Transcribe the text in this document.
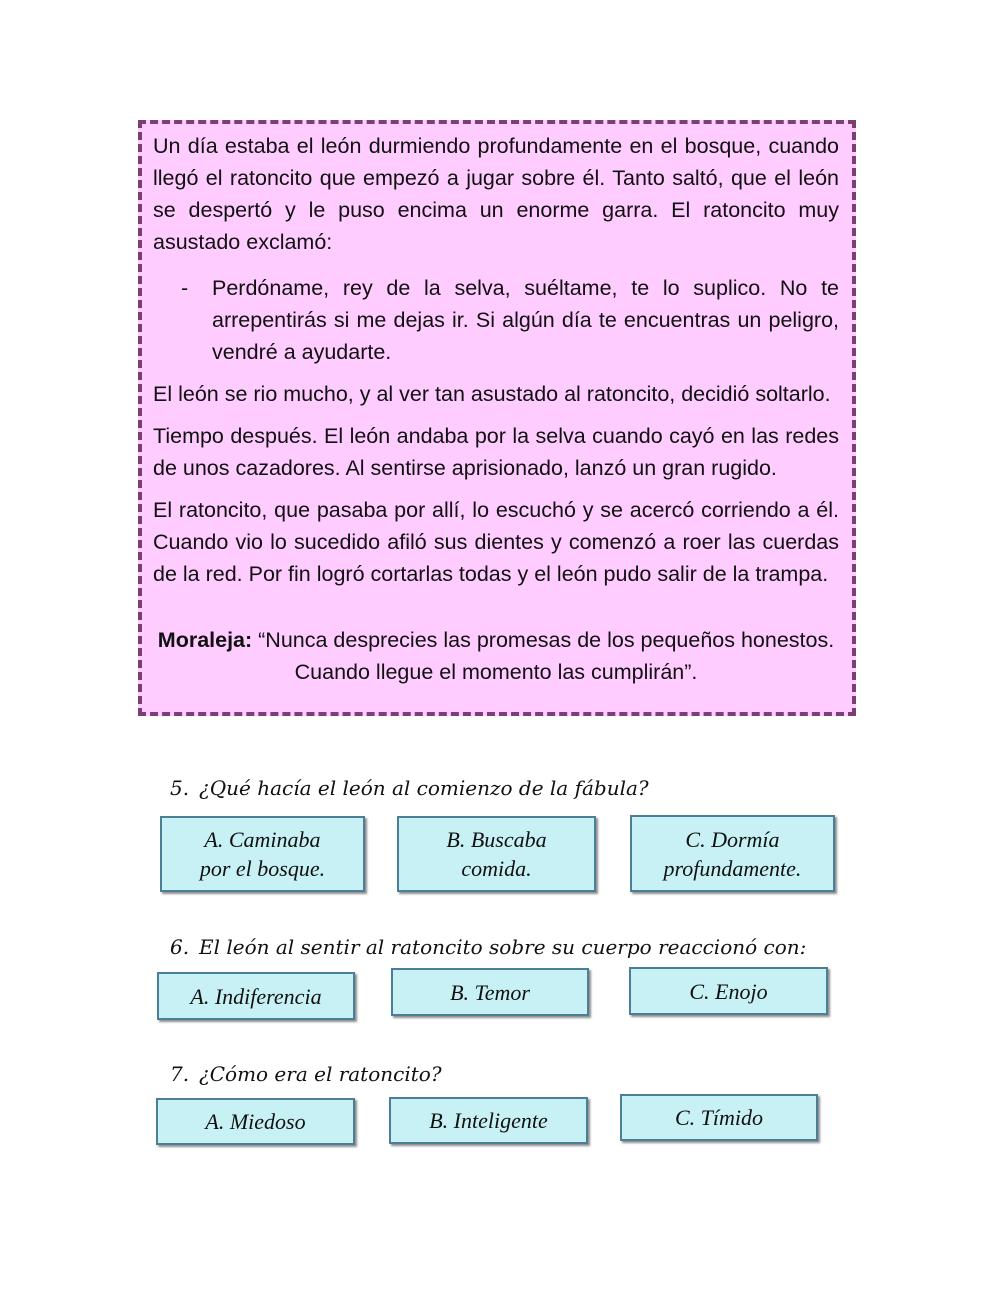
Un día estaba el león durmiendo profundamente en el bosque, cuando llegó el ratoncito que empezó a jugar sobre él. Tanto saltó, que el león se despertó y le puso encima un enorme garra. El ratoncito muy asustado exclamó:

-	Perdóname, rey de la selva, suéltame, te lo suplico. No te arrepentirás si me dejas ir. Si algún día te encuentras un peligro, vendré a ayudarte.

El león se rio mucho, y al ver tan asustado al ratoncito, decidió soltarlo.

Tiempo después. El león andaba por la selva cuando cayó en las redes de unos cazadores. Al sentirse aprisionado, lanzó un gran rugido.

El ratoncito, que pasaba por allí, lo escuchó y se acercó corriendo a él. Cuando vio lo sucedido afiló sus dientes y comenzó a roer las cuerdas de la red. Por fin logró cortarlas todas y el león pudo salir de la trampa.

Moraleja: “Nunca desprecies las promesas de los pequeños honestos.
Cuando llegue el momento las cumplirán”.
5. ¿Qué hacía el león al comienzo de la fábula?
A. Caminaba
por el bosque.
B. Buscaba
comida.
C. Dormía
profundamente.
6. El león al sentir al ratoncito sobre su cuerpo reaccionó con:
A. Indiferencia	B. Temor	C. Enojo
7. ¿Cómo era el ratoncito?
A. Miedoso	B. Inteligente	C. Tímido
